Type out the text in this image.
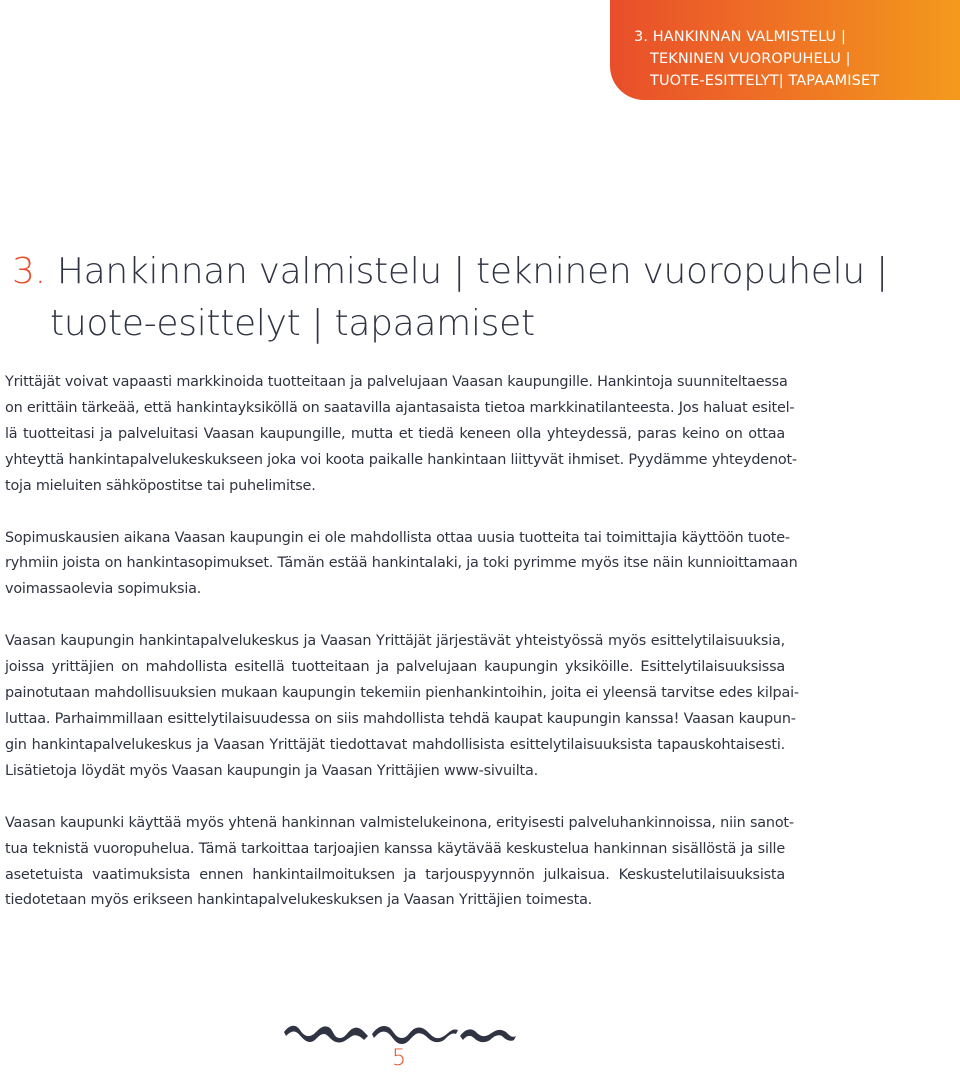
3. HANKINNAN VALMISTELU |
TEKNINEN VUOROPUHELU |
TUOTE-ESITTELYT| TAPAAMISET
3. Hankinnan valmistelu | tekninen vuoropuhelu |
tuote-esittelyt | tapaamiset
Yrittäjät voivat vapaasti markkinoida tuotteitaan ja palvelujaan Vaasan kaupungille. Hankintoja suunniteltaessa
on erittäin tärkeää, että hankintayksiköllä on saatavilla ajantasaista tietoa markkinatilanteesta. Jos haluat esitel-
lä tuotteitasi ja palveluitasi Vaasan kaupungille, mutta et tiedä keneen olla yhteydessä, paras keino on ottaa
yhteyttä hankintapalvelukeskukseen joka voi koota paikalle hankintaan liittyvät ihmiset. Pyydämme yhteydenot-
toja mieluiten sähköpostitse tai puhelimitse.
Sopimuskausien aikana Vaasan kaupungin ei ole mahdollista ottaa uusia tuotteita tai toimittajia käyttöön tuote-
ryhmiin joista on hankintasopimukset. Tämän estää hankintalaki, ja toki pyrimme myös itse näin kunnioittamaan
voimassaolevia sopimuksia.
Vaasan kaupungin hankintapalvelukeskus ja Vaasan Yrittäjät järjestävät yhteistyössä myös esittelytilaisuuksia,
joissa yrittäjien on mahdollista esitellä tuotteitaan ja palvelujaan kaupungin yksiköille. Esittelytilaisuuksissa
painotutaan mahdollisuuksien mukaan kaupungin tekemiin pienhankintoihin, joita ei yleensä tarvitse edes kilpai-
luttaa. Parhaimmillaan esittelytilaisuudessa on siis mahdollista tehdä kaupat kaupungin kanssa! Vaasan kaupun-
gin hankintapalvelukeskus ja Vaasan Yrittäjät tiedottavat mahdollisista esittelytilaisuuksista tapauskohtaisesti.
Lisätietoja löydät myös Vaasan kaupungin ja Vaasan Yrittäjien www-sivuilta.
Vaasan kaupunki käyttää myös yhtenä hankinnan valmistelukeinona, erityisesti palveluhankinnoissa, niin sanot-
tua teknistä vuoropuhelua. Tämä tarkoittaa tarjoajien kanssa käytävää keskustelua hankinnan sisällöstä ja sille
asetetuista vaatimuksista ennen hankintailmoituksen ja tarjouspyynnön julkaisua. Keskustelutilaisuuksista
tiedotetaan myös erikseen hankintapalvelukeskuksen ja Vaasan Yrittäjien toimesta.
5
